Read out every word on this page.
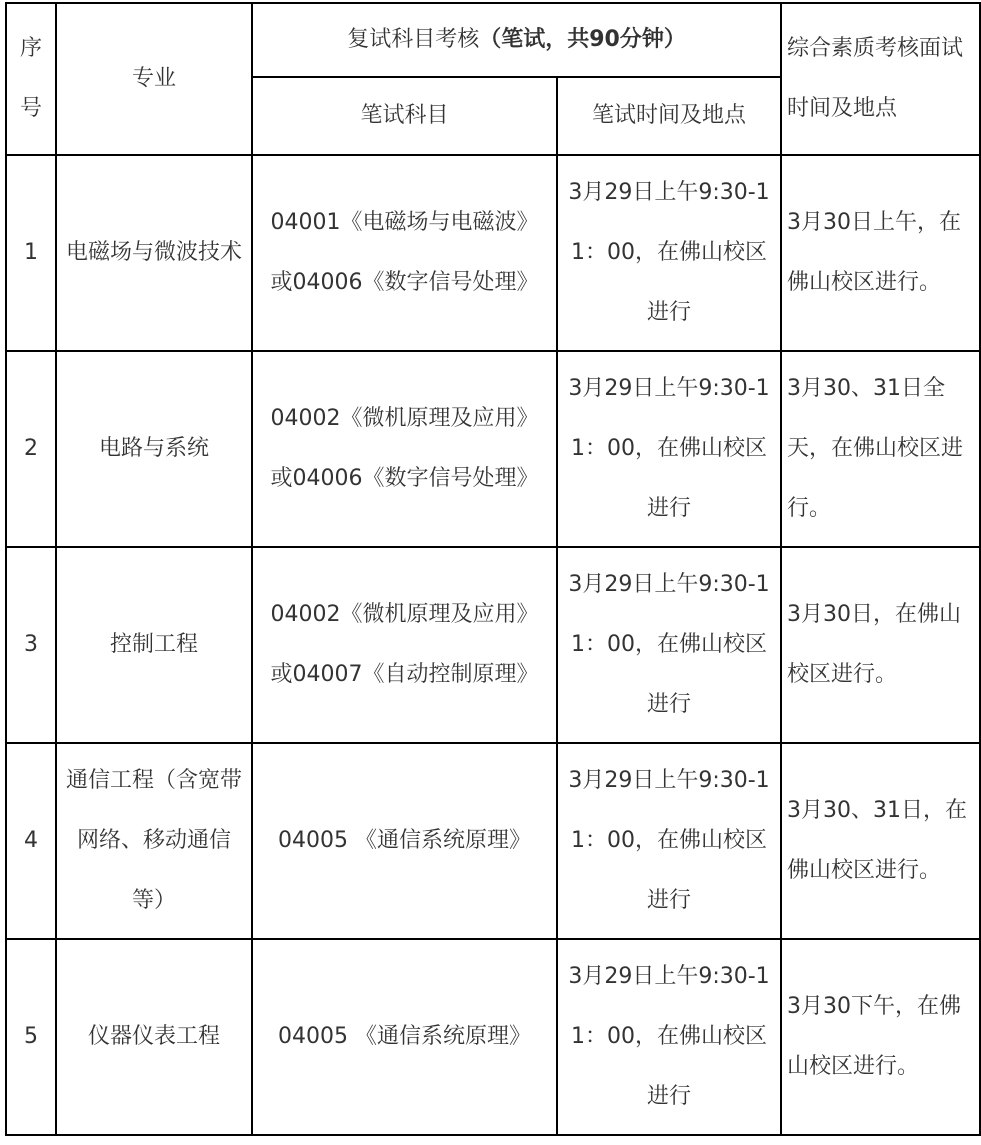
序号	专业	复试科目考核（笔试，共90分钟）		综合素质考核面试时间及地点
		笔试科目	笔试时间及地点	
1	电磁场与微波技术	04001《电磁场与电磁波》
或04006《数字信号处理》	3月29日上午9:30-11：00，在佛山校区进行	3月30日上午，在佛山校区进行。
2	电路与系统	04002《微机原理及应用》
或04006《数字信号处理》	3月29日上午9:30-11：00，在佛山校区进行	3月30、31日全天，在佛山校区进行。
3	控制工程	04002《微机原理及应用》
或04007《自动控制原理》	3月29日上午9:30-11：00，在佛山校区进行	3月30日，在佛山校区进行。
4	通信工程（含宽带网络、移动通信等）	04005 《通信系统原理》	3月29日上午9:30-11：00，在佛山校区进行	3月30、31日，在佛山校区进行。
5	仪器仪表工程	04005 《通信系统原理》	3月29日上午9:30-11：00，在佛山校区进行	3月30下午，在佛山校区进行。
